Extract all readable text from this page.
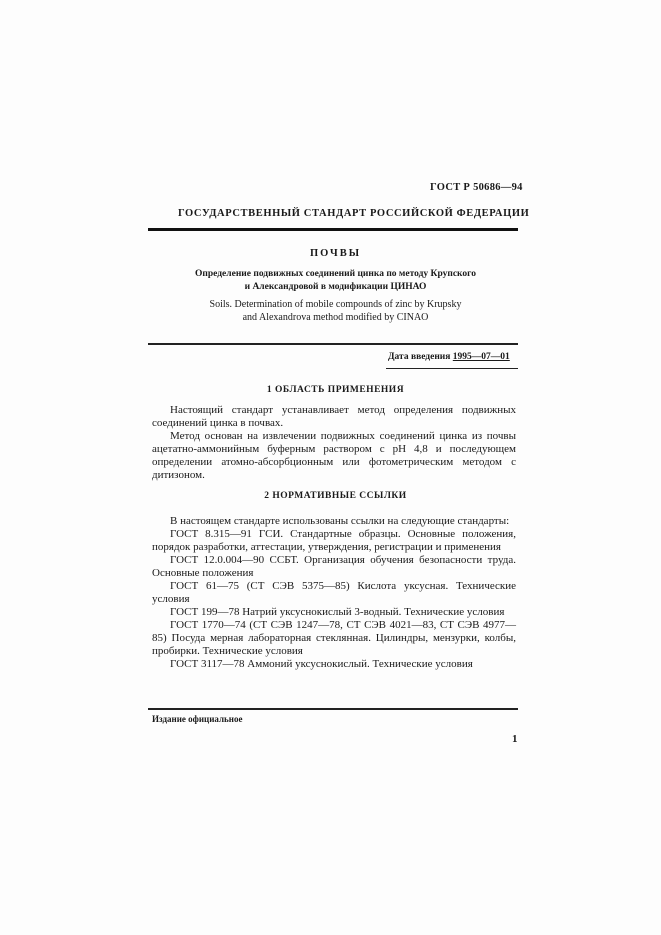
ГОСТ Р 50686—94
ГОСУДАРСТВЕННЫЙ СТАНДАРТ РОССИЙСКОЙ ФЕДЕРАЦИИ
ПОЧВЫ
Определение подвижных соединений цинка по методу Крупского
и Александровой в модификации ЦИНАО
Soils. Determination of mobile compounds of zinc by Krupsky
and Alexandrova method modified by CINAO
Дата введения 1995—07—01
1 ОБЛАСТЬ ПРИМЕНЕНИЯ

Настоящий стандарт устанавливает метод определения подвижных соединений цинка в почвах.

Метод основан на извлечении подвижных соединений цинка из почвы ацетатно-аммонийным буферным раствором с pH 4,8 и последующем определении атомно-абсорбционным или фотометрическим методом с дитизоном.

2 НОРМАТИВНЫЕ ССЫЛКИ

В настоящем стандарте использованы ссылки на следующие стандарты:

ГОСТ 8.315—91 ГСИ. Стандартные образцы. Основные положения, порядок разработки, аттестации, утверждения, регистрации и применения

ГОСТ 12.0.004—90 ССБТ. Организация обучения безопасности труда. Основные положения

ГОСТ 61—75 (СТ СЭВ 5375—85) Кислота уксусная. Технические условия

ГОСТ 199—78 Натрий уксуснокислый 3-водный. Технические условия

ГОСТ 1770—74 (СТ СЭВ 1247—78, СТ СЭВ 4021—83, СТ СЭВ 4977—85) Посуда мерная лабораторная стеклянная. Цилиндры, мензурки, колбы, пробирки. Технические условия

ГОСТ 3117—78 Аммоний уксуснокислый. Технические условия

Издание официальное
1
